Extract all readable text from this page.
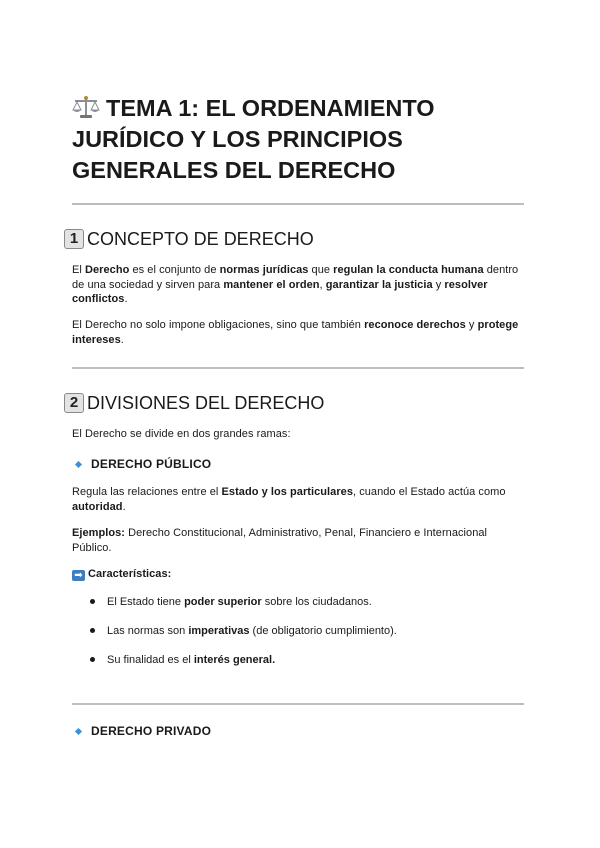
TEMA 1: EL ORDENAMIENTO JURÍDICO Y LOS PRINCIPIOS GENERALES DEL DERECHO
1 CONCEPTO DE DERECHO

El Derecho es el conjunto de normas jurídicas que regulan la conducta humana dentro de una sociedad y sirven para mantener el orden, garantizar la justicia y resolver conflictos.

El Derecho no solo impone obligaciones, sino que también reconoce derechos y protege intereses.

2 DIVISIONES DEL DERECHO

El Derecho se divide en dos grandes ramas:

DERECHO PÚBLICO

Regula las relaciones entre el Estado y los particulares, cuando el Estado actúa como autoridad.

Ejemplos: Derecho Constitucional, Administrativo, Penal, Financiero e Internacional Público.

➡ Características:

El Estado tiene poder superior sobre los ciudadanos.

Las normas son imperativas (de obligatorio cumplimiento).

Su finalidad es el interés general.

DERECHO PRIVADO
